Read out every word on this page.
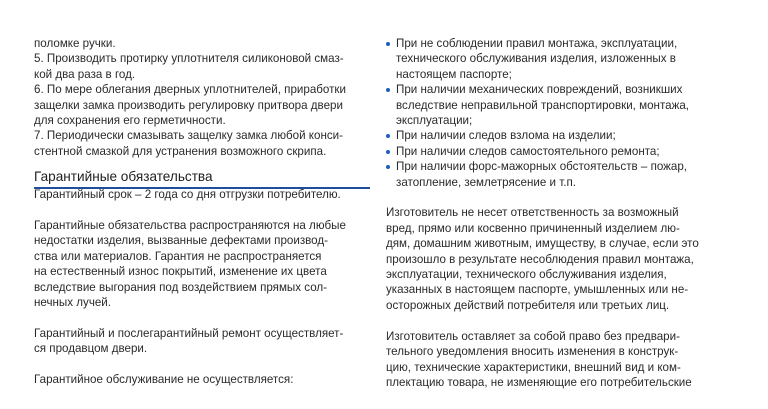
поломке ручки.
5. Производить протирку уплотнителя силиконовой смаз-
кой два раза в год.
6. По мере облегания дверных уплотнителей, приработки
защелки замка производить регулировку притвора двери
для сохранения его герметичности.
7. Периодически смазывать защелку замка любой конси-
стентной смазкой для устранения возможного скрипа.
Гарантийные обязательства
Гарантийный срок – 2 года со дня отгрузки потребителю.
Гарантийные обязательства распространяются на любые
недостатки изделия, вызванные дефектами производ-
ства или материалов. Гарантия не распространяется
на естественный износ покрытий, изменение их цвета
вследствие выгорания под воздействием прямых сол-
нечных лучей.
Гарантийный и послегарантийный ремонт осуществляет-
ся продавцом двери.
Гарантийное обслуживание не осуществляется:
При не соблюдении правил монтажа, эксплуатации,
технического обслуживания изделия, изложенных в
настоящем паспорте;
При наличии механических повреждений, возникших
вследствие неправильной транспортировки, монтажа,
эксплуатации;
При наличии следов взлома на изделии;
При наличии следов самостоятельного ремонта;
При наличии форс-мажорных обстоятельств – пожар,
затопление, землетрясение и т.п.
Изготовитель не несет ответственность за возможный
вред, прямо или косвенно причиненный изделием лю-
дям, домашним животным, имуществу, в случае, если это
произошло в результате несоблюдения правил монтажа,
эксплуатации, технического обслуживания изделия,
указанных в настоящем паспорте, умышленных или не-
осторожных действий потребителя или третьих лиц.
Изготовитель оставляет за собой право без предвари-
тельного уведомления вносить изменения в конструк-
цию, технические характеристики, внешний вид и ком-
плектацию товара, не изменяющие его потребительские
